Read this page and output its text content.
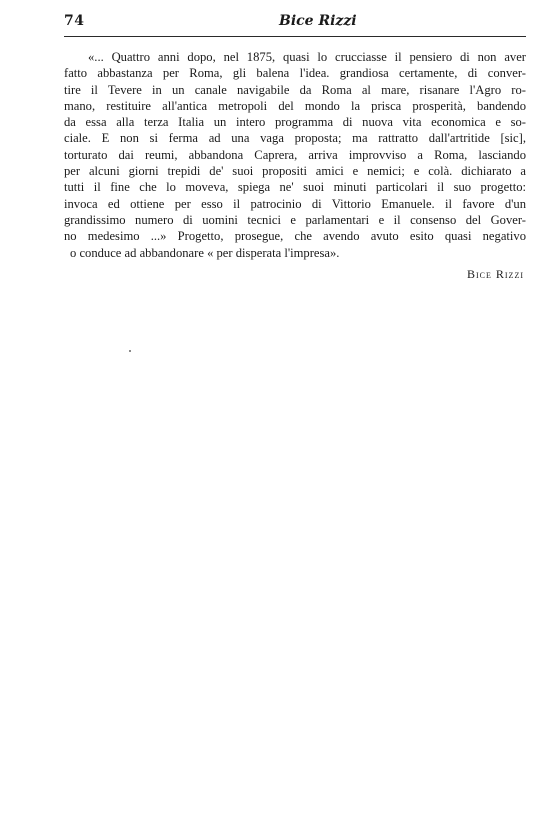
74	Bice Rizzi
«... Quattro anni dopo, nel 1875, quasi lo crucciasse il pensiero di non aver
fatto abbastanza per Roma, gli balena l'idea. grandiosa certamente, di conver-
tire il Tevere in un canale navigabile da Roma al mare, risanare l'Agro ro-
mano, restituire all'antica metropoli del mondo la prisca prosperità, bandendo
da essa alla terza Italia un intero programma di nuova vita economica e so-
ciale. E non si ferma ad una vaga proposta; ma rattratto dall'artritide [sic],
torturato dai reumi, abbandona Caprera, arriva improvviso a Roma, lasciando
per alcuni giorni trepidi de' suoi propositi amici e nemici; e colà. dichiarato a
tutti il fine che lo moveva, spiega ne' suoi minuti particolari il suo progetto:
invoca ed ottiene per esso il patrocinio di Vittorio Emanuele. il favore d'un
grandissimo numero di uomini tecnici e parlamentari e il consenso del Gover-
no medesimo ...» Progetto, prosegue, che avendo avuto esito quasi negativo
o conduce ad abbandonare « per disperata l'impresa».
Bice Rizzi
